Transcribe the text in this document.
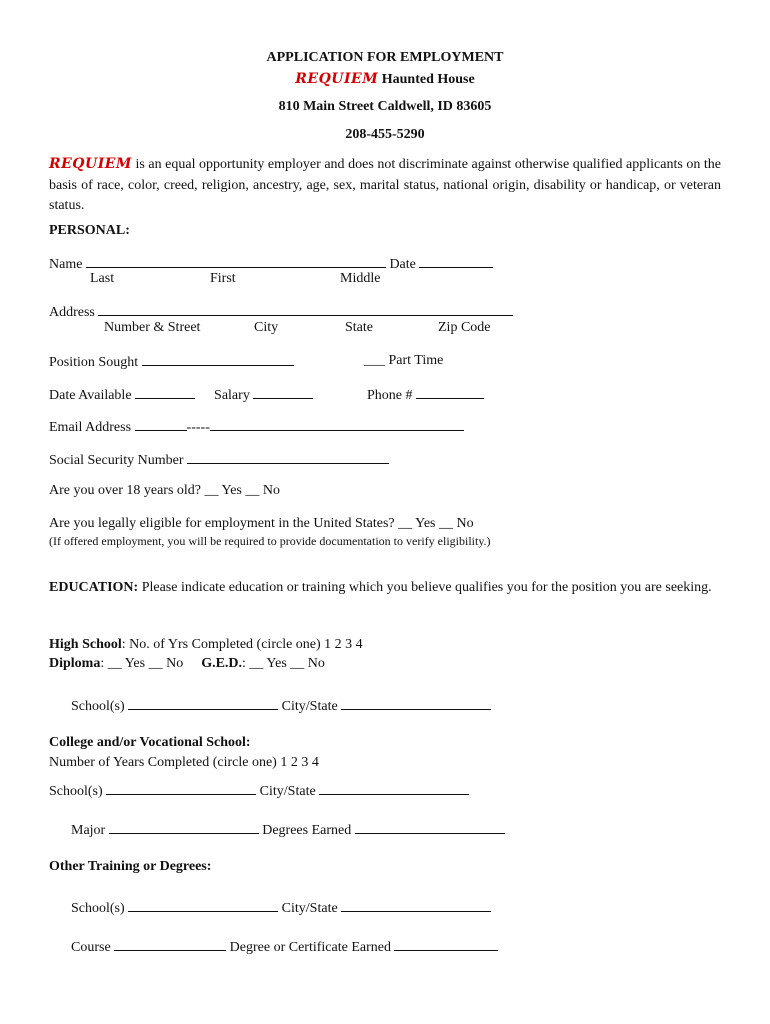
APPLICATION FOR EMPLOYMENT
REQUIEM Haunted House
810 Main Street Caldwell, ID 83605
208-455-5290
REQUIEM is an equal opportunity employer and does not discriminate against otherwise qualified applicants on the basis of race, color, creed, religion, ancestry, age, sex, marital status, national origin, disability or handicap, or veteran status.
PERSONAL:
Name	Date
Last	First	Middle
Address
Number & Street	City	State	Zip Code
Position Sought	___ Part Time
Date Available	Salary	Phone #
Email Address	-----
Social Security Number
Are you over 18 years old? __ Yes __ No
Are you legally eligible for employment in the United States? __ Yes __ No
(If offered employment, you will be required to provide documentation to verify eligibility.)
EDUCATION: Please indicate education or training which you believe qualifies you for the position you are seeking.
High School: No. of Yrs Completed (circle one) 1 2 3 4
Diploma: __ Yes __ No G.E.D.: __ Yes __ No
School(s)	City/State
College and/or Vocational School:
Number of Years Completed (circle one) 1 2 3 4
School(s)	City/State
Major	Degrees Earned
Other Training or Degrees:
School(s)	City/State
Course	Degree or Certificate Earned
